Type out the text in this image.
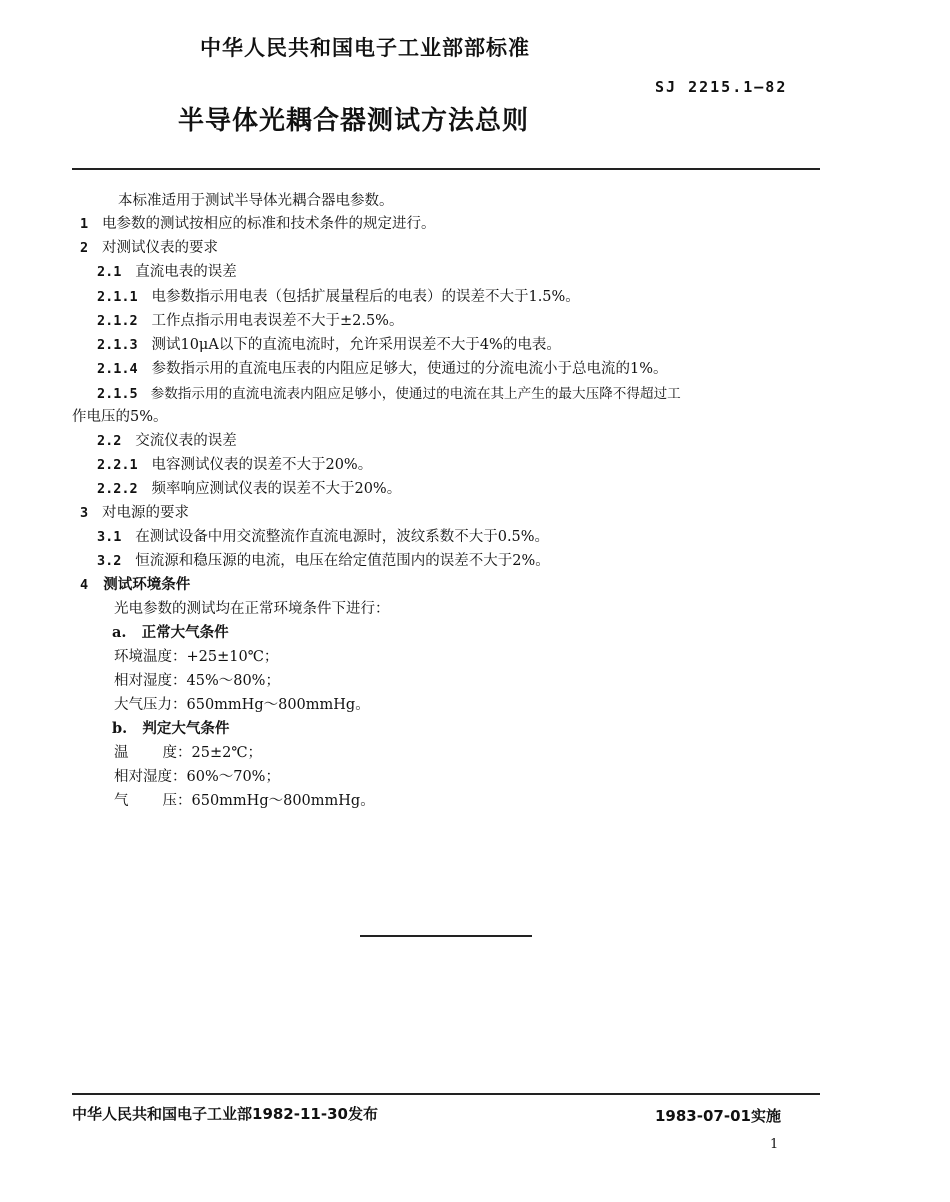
中华人民共和国电子工业部部标准
SJ 2215.1—82
半导体光耦合器测试方法总则
本标准适用于测试半导体光耦合器电参数。
1 电参数的测试按相应的标准和技术条件的规定进行。
2 对测试仪表的要求
2.1 直流电表的误差
2.1.1 电参数指示用电表（包括扩展量程后的电表）的误差不大于1.5%。
2.1.2 工作点指示用电表误差不大于±2.5%。
2.1.3 测试10μA以下的直流电流时，允许采用误差不大于4%的电表。
2.1.4 参数指示用的直流电压表的内阻应足够大，使通过的分流电流小于总电流的1%。
2.1.5 参数指示用的直流电流表内阻应足够小，使通过的电流在其上产生的最大压降不得超过工
作电压的5%。
2.2 交流仪表的误差
2.2.1 电容测试仪表的误差不大于20%。
2.2.2 频率响应测试仪表的误差不大于20%。
3 对电源的要求
3.1 在测试设备中用交流整流作直流电源时，波纹系数不大于0.5%。
3.2 恒流源和稳压源的电流，电压在给定值范围内的误差不大于2%。
4 测试环境条件
光电参数的测试均在正常环境条件下进行：
a. 正常大气条件
环境温度：+25±10℃；
相对湿度：45%～80%；
大气压力：650mmHg～800mmHg。
b. 判定大气条件
温 度：25±2℃；
相对湿度：60%～70%；
气 压：650mmHg～800mmHg。
中华人民共和国电子工业部1982-11-30发布	1983-07-01实施
1
